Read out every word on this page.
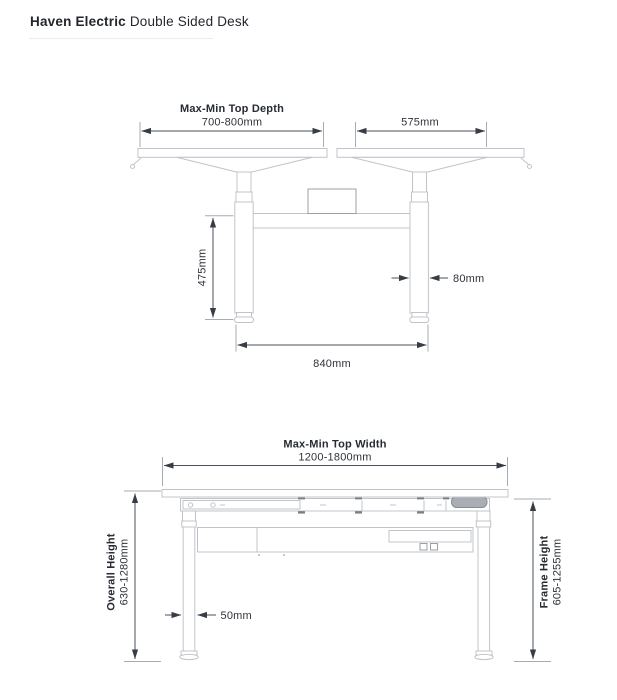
Haven Electric Double Sided Desk
Max-Min Top Depth
700-800mm	575mm
475mm	80mm
840mm
Max-Min Top Width
1200-1800mm
Overall Height 630-1280mm	Frame Height 605-1255mm
50mm
